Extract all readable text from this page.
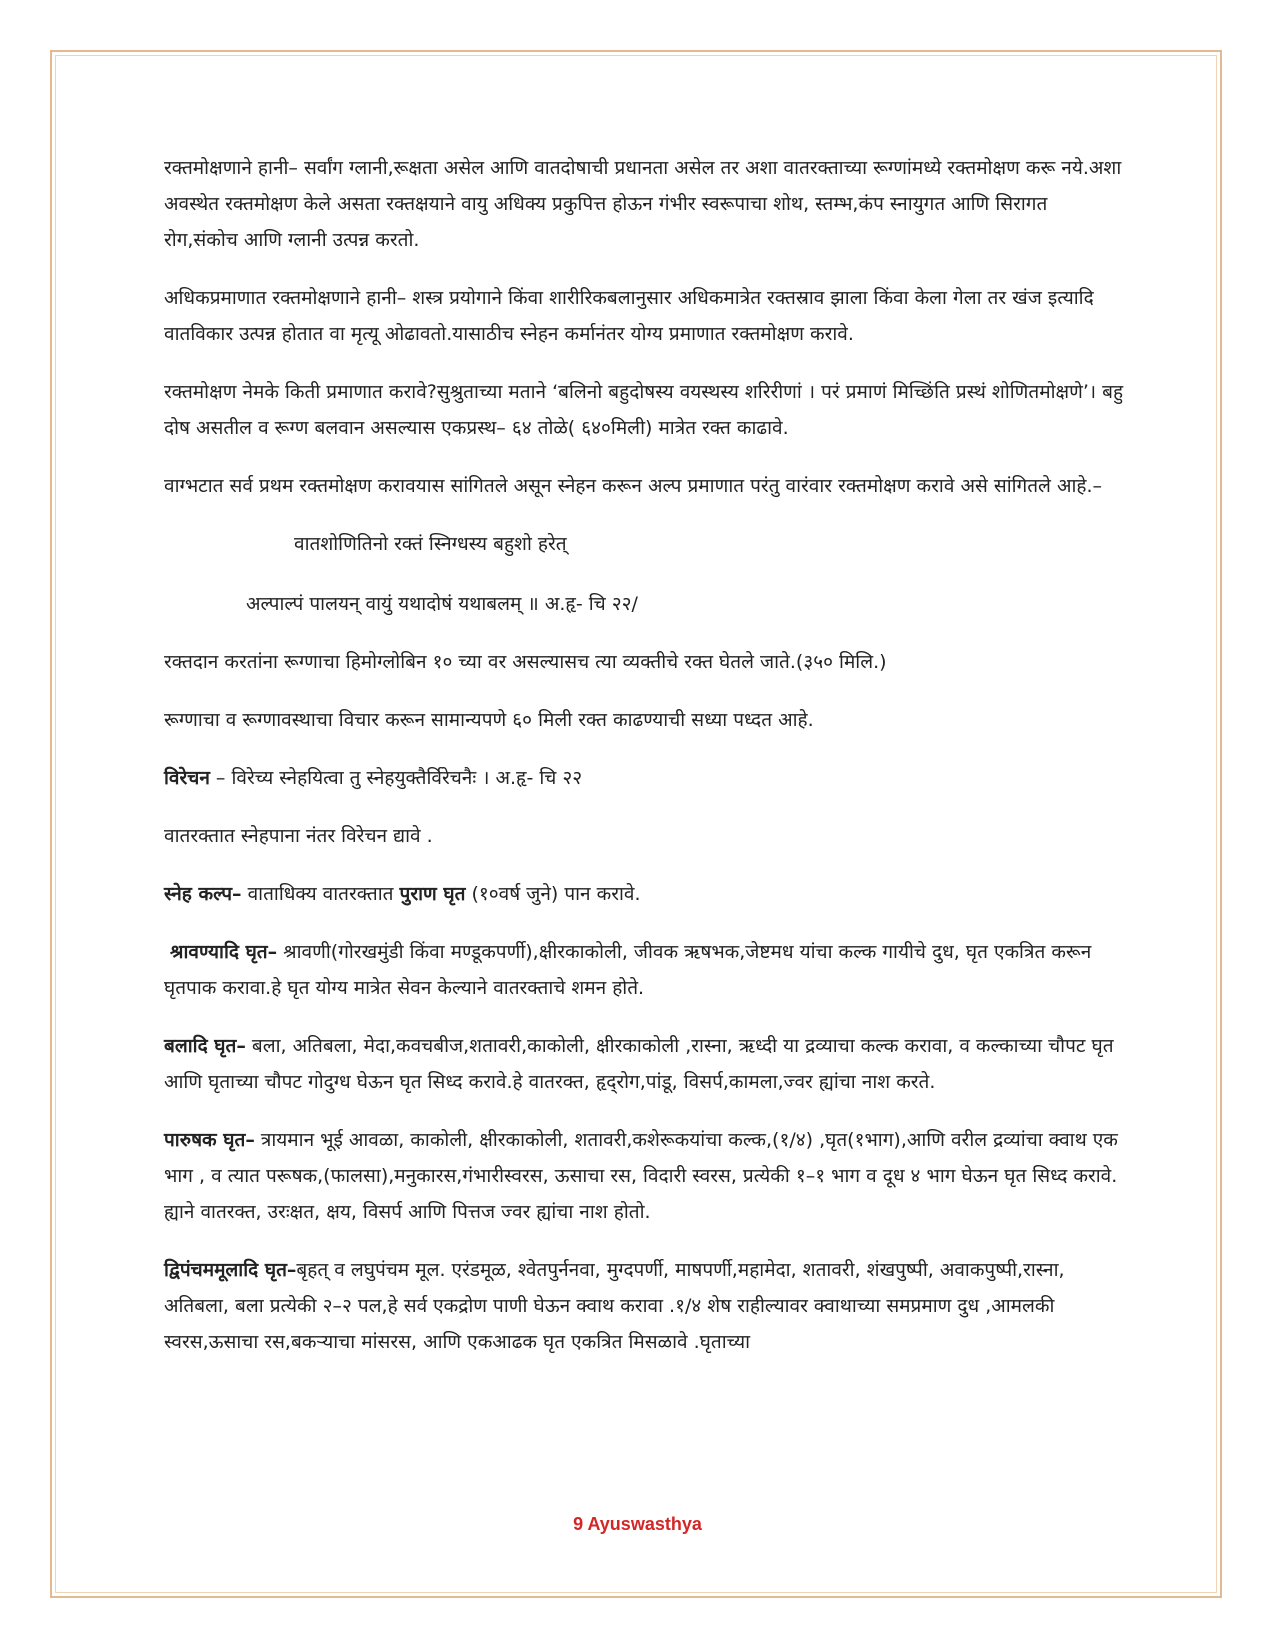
रक्तमोक्षणाने हानी– सर्वांग ग्लानी,रूक्षता असेल आणि वातदोषाची प्रधानता असेल तर अशा वातरक्ताच्या रूग्णांमध्ये रक्तमोक्षण करू नये.अशा अवस्थेत रक्तमोक्षण केले असता रक्तक्षयाने वायु अधिक्य प्रकुपित्त होऊन गंभीर स्वरूपाचा शोथ, स्तम्भ,कंप स्नायुगत आणि सिरागत रोग,संकोच आणि ग्लानी उत्पन्न करतो.

अधिकप्रमाणात रक्तमोक्षणाने हानी– शस्त्र प्रयोगाने किंवा शारीरिकबलानुसार अधिकमात्रेत रक्तस्राव झाला किंवा केला गेला तर खंज इत्यादि वातविकार उत्पन्न होतात वा मृत्यू ओढावतो.यासाठीच स्नेहन कर्मानंतर योग्य प्रमाणात रक्तमोक्षण करावे.

रक्तमोक्षण नेमके किती प्रमाणात करावे?सुश्रुताच्या मताने ‘बलिनो बहुदोषस्य वयस्थस्य शरिरीणां । परं प्रमाणं मिच्छिंति प्रस्थं शोणितमोक्षणे’। बहु दोष असतील व रूग्ण बलवान असल्यास एकप्रस्थ– ६४ तोळे( ६४०मिली) मात्रेत रक्त काढावे.

वाग्भटात सर्व प्रथम रक्तमोक्षण करावयास सांगितले असून स्नेहन करून अल्प प्रमाणात परंतु वारंवार रक्तमोक्षण करावे असे सांगितले आहे.–

वातशोणितिनो रक्तं स्निग्धस्य बहुशो हरेत्

अल्पाल्पं पालयन् वायुं यथादोषं यथाबलम् ॥ अ.हृ- चि २२/

रक्तदान करतांना रूग्णाचा हिमोग्लोबिन १० च्या वर असल्यासच त्या व्यक्तीचे रक्त घेतले जाते.(३५० मिलि.)

रूग्णाचा व रूग्णावस्थाचा विचार करून सामान्यपणे ६० मिली रक्त काढण्याची सध्या पध्दत आहे.

विरेचन – विरेच्य स्नेहयित्वा तु स्नेहयुक्तैर्विरेचनैः । अ.हृ- चि २२

वातरक्तात स्नेहपाना नंतर विरेचन द्यावे .

स्नेह कल्प– वाताधिक्य वातरक्तात पुराण घृत (१०वर्ष जुने) पान करावे.

श्रावण्यादि घृत– श्रावणी(गोरखमुंडी किंवा मण्डूकपर्णी),क्षीरकाकोली, जीवक ऋषभक,जेष्टमध यांचा कल्क गायीचे दुध, घृत एकत्रित करून घृतपाक करावा.हे घृत योग्य मात्रेत सेवन केल्याने वातरक्ताचे शमन होते.

बलादि घृत– बला, अतिबला, मेदा,कवचबीज,शतावरी,काकोली, क्षीरकाकोली ,रास्ना, ऋध्दी या द्रव्याचा कल्क करावा, व कल्काच्या चौपट घृत आणि घृताच्या चौपट गोदुग्ध घेऊन घृत सिध्द करावे.हे वातरक्त, हृद्‌रोग,पांडू, विसर्प,कामला,ज्वर ह्यांचा नाश करते.

पारुषक घृत– त्रायमान भूई आवळा, काकोली, क्षीरकाकोली, शतावरी,कशेरूकयांचा कल्क,(१/४) ,घृत(१भाग),आणि वरील द्रव्यांचा क्वाथ एक भाग , व त्यात परूषक,(फालसा),मनुकारस,गंभारीस्वरस, ऊसाचा रस, विदारी स्वरस, प्रत्येकी १–१ भाग व दूध ४ भाग घेऊन घृत सिध्द करावे. ह्याने वातरक्त, उरःक्षत, क्षय, विसर्प आणि पित्तज ज्वर ह्यांचा नाश होतो.

द्विपंचममूलादि घृत–बृहत् व लघुपंचम मूल. एरंडमूळ, श्वेतपुर्ननवा, मुग्दपर्णी, माषपर्णी,महामेदा, शतावरी, शंखपुष्पी, अवाकपुष्पी,रास्ना, अतिबला, बला प्रत्येकी २–२ पल,हे सर्व एकद्रोण पाणी घेऊन क्वाथ करावा .१/४ शेष राहील्यावर क्वाथाच्या समप्रमाण दुध ,आमलकी स्वरस,ऊसाचा रस,बकऱ्याचा मांसरस, आणि एकआढक घृत एकत्रित मिसळावे .घृताच्या

9 Ayuswasthya
